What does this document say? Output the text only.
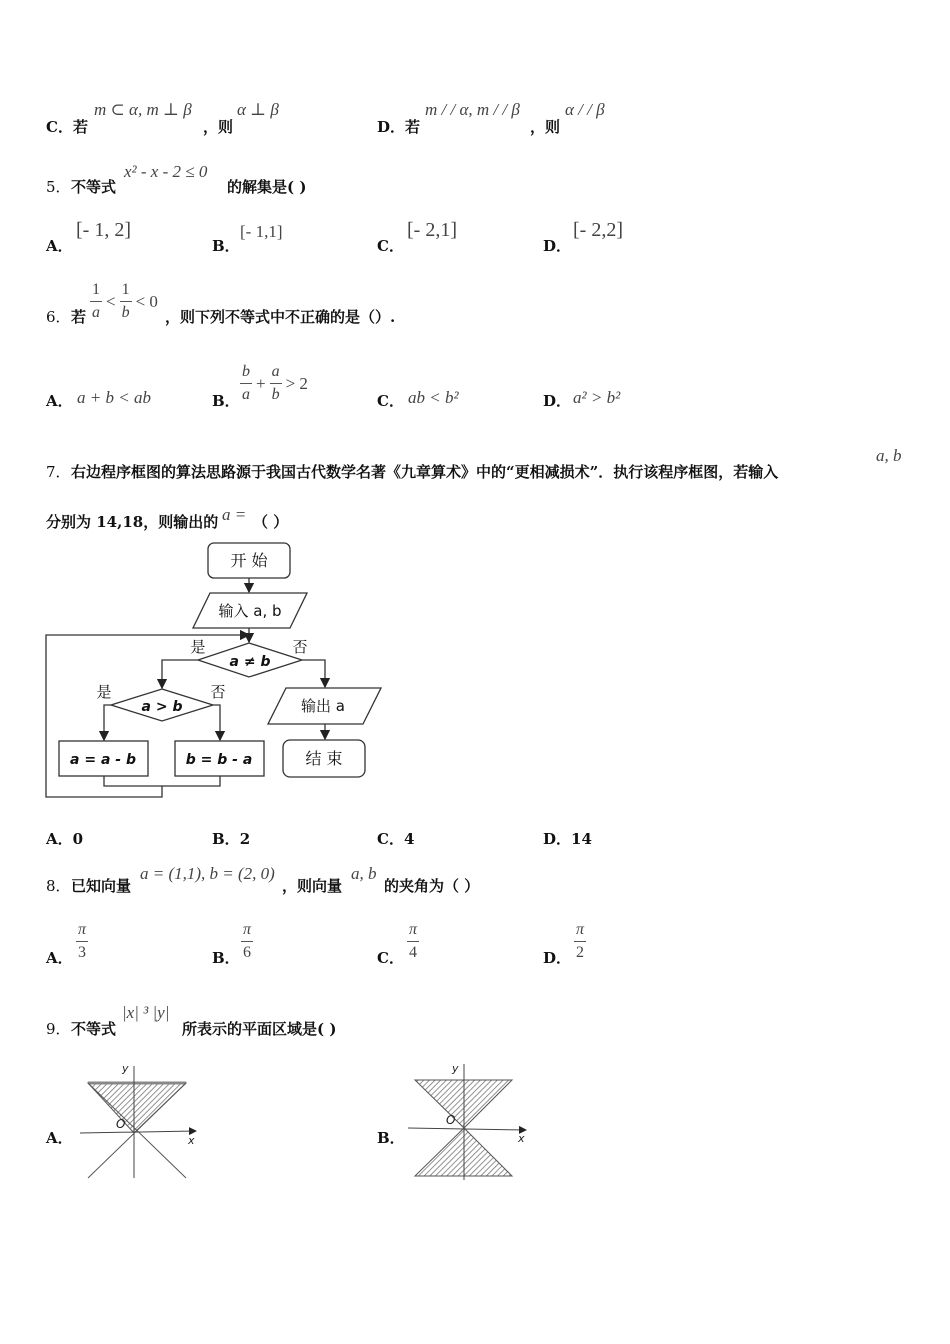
C．若
m ⊂ α, m ⊥ β
，则
α ⊥ β
D．若
m / / α, m / / β
，则
α / / β
5． 不等式
x² - x - 2 ≤ 0
的解集是( )
A．
[- 1, 2]
B．
[- 1,1]
C．
[- 2,1]
D．
[- 2,2]
6． 若 $\frac{1}{a} < \frac{1}{b} < 0$
，则下列不等式中不正确的是（）.
A． a + b < ab	B． $\frac{b}{a} + \frac{a}{b} > 2$
C． ab < b²	D． a² > b²
7． 右边程序框图的算法思路源于我国古代数学名著《九章算术》中的“更相减损术”．执行该程序框图，若输入
a, b
分别为 14,18，则输出的 a = （ ）
开 始
输入 a, b
a ≠ b
是	否
a > b
是	否
a = a - b	b = b - a
输出 a
结 束
A．0	B．2	C．4	D．14
8． 已知向量
a = (1,1), b = (2, 0)
，则向量
a, b
的夹角为（ ）
A． $\frac{\pi}{3}$	B． $\frac{\pi}{6}$	C． $\frac{\pi}{4}$	D． $\frac{\pi}{2}$
9． 不等式
|x| ³ |y|
所表示的平面区域是( )
A．
y
x
O
B．
y
x
O
